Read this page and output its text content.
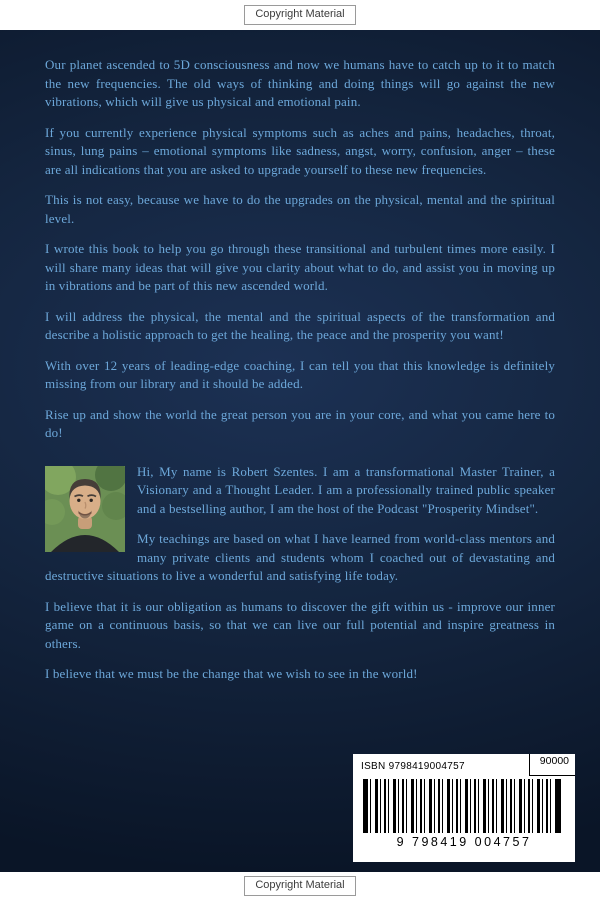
Copyright Material

Our planet ascended to 5D consciousness and now we humans have to catch up to it to match the new frequencies. The old ways of thinking and doing things will go against the new vibrations, which will give us physical and emotional pain.

If you currently experience physical symptoms such as aches and pains, headaches, throat, sinus, lung pains – emotional symptoms like sadness, angst, worry, confusion, anger – these are all indications that you are asked to upgrade yourself to these new frequencies.

This is not easy, because we have to do the upgrades on the physical, mental and the spiritual level.

I wrote this book to help you go through these transitional and turbulent times more easily. I will share many ideas that will give you clarity about what to do, and assist you in moving up in vibrations and be part of this new ascended world.

I will address the physical, the mental and the spiritual aspects of the transformation and describe a holistic approach to get the healing, the peace and the prosperity you want!

With over 12 years of leading-edge coaching, I can tell you that this knowledge is definitely missing from our library and it should be added.

Rise up and show the world the great person you are in your core, and what you came here to do!

Hi, My name is Robert Szentes. I am a transformational Master Trainer, a Visionary and a Thought Leader. I am a professionally trained public speaker and a bestselling author, I am the host of the Podcast "Prosperity Mindset".

My teachings are based on what I have learned from world-class mentors and many private clients and students whom I coached out of devastating and destructive situations to live a wonderful and satisfying life today.

I believe that it is our obligation as humans to discover the gift within us - improve our inner game on a continuous basis, so that we can live our full potential and inspire greatness in others.

I believe that we must be the change that we wish to see in the world!

ISBN 9798419004757	90000
9 798419 004757
Copyright Material
